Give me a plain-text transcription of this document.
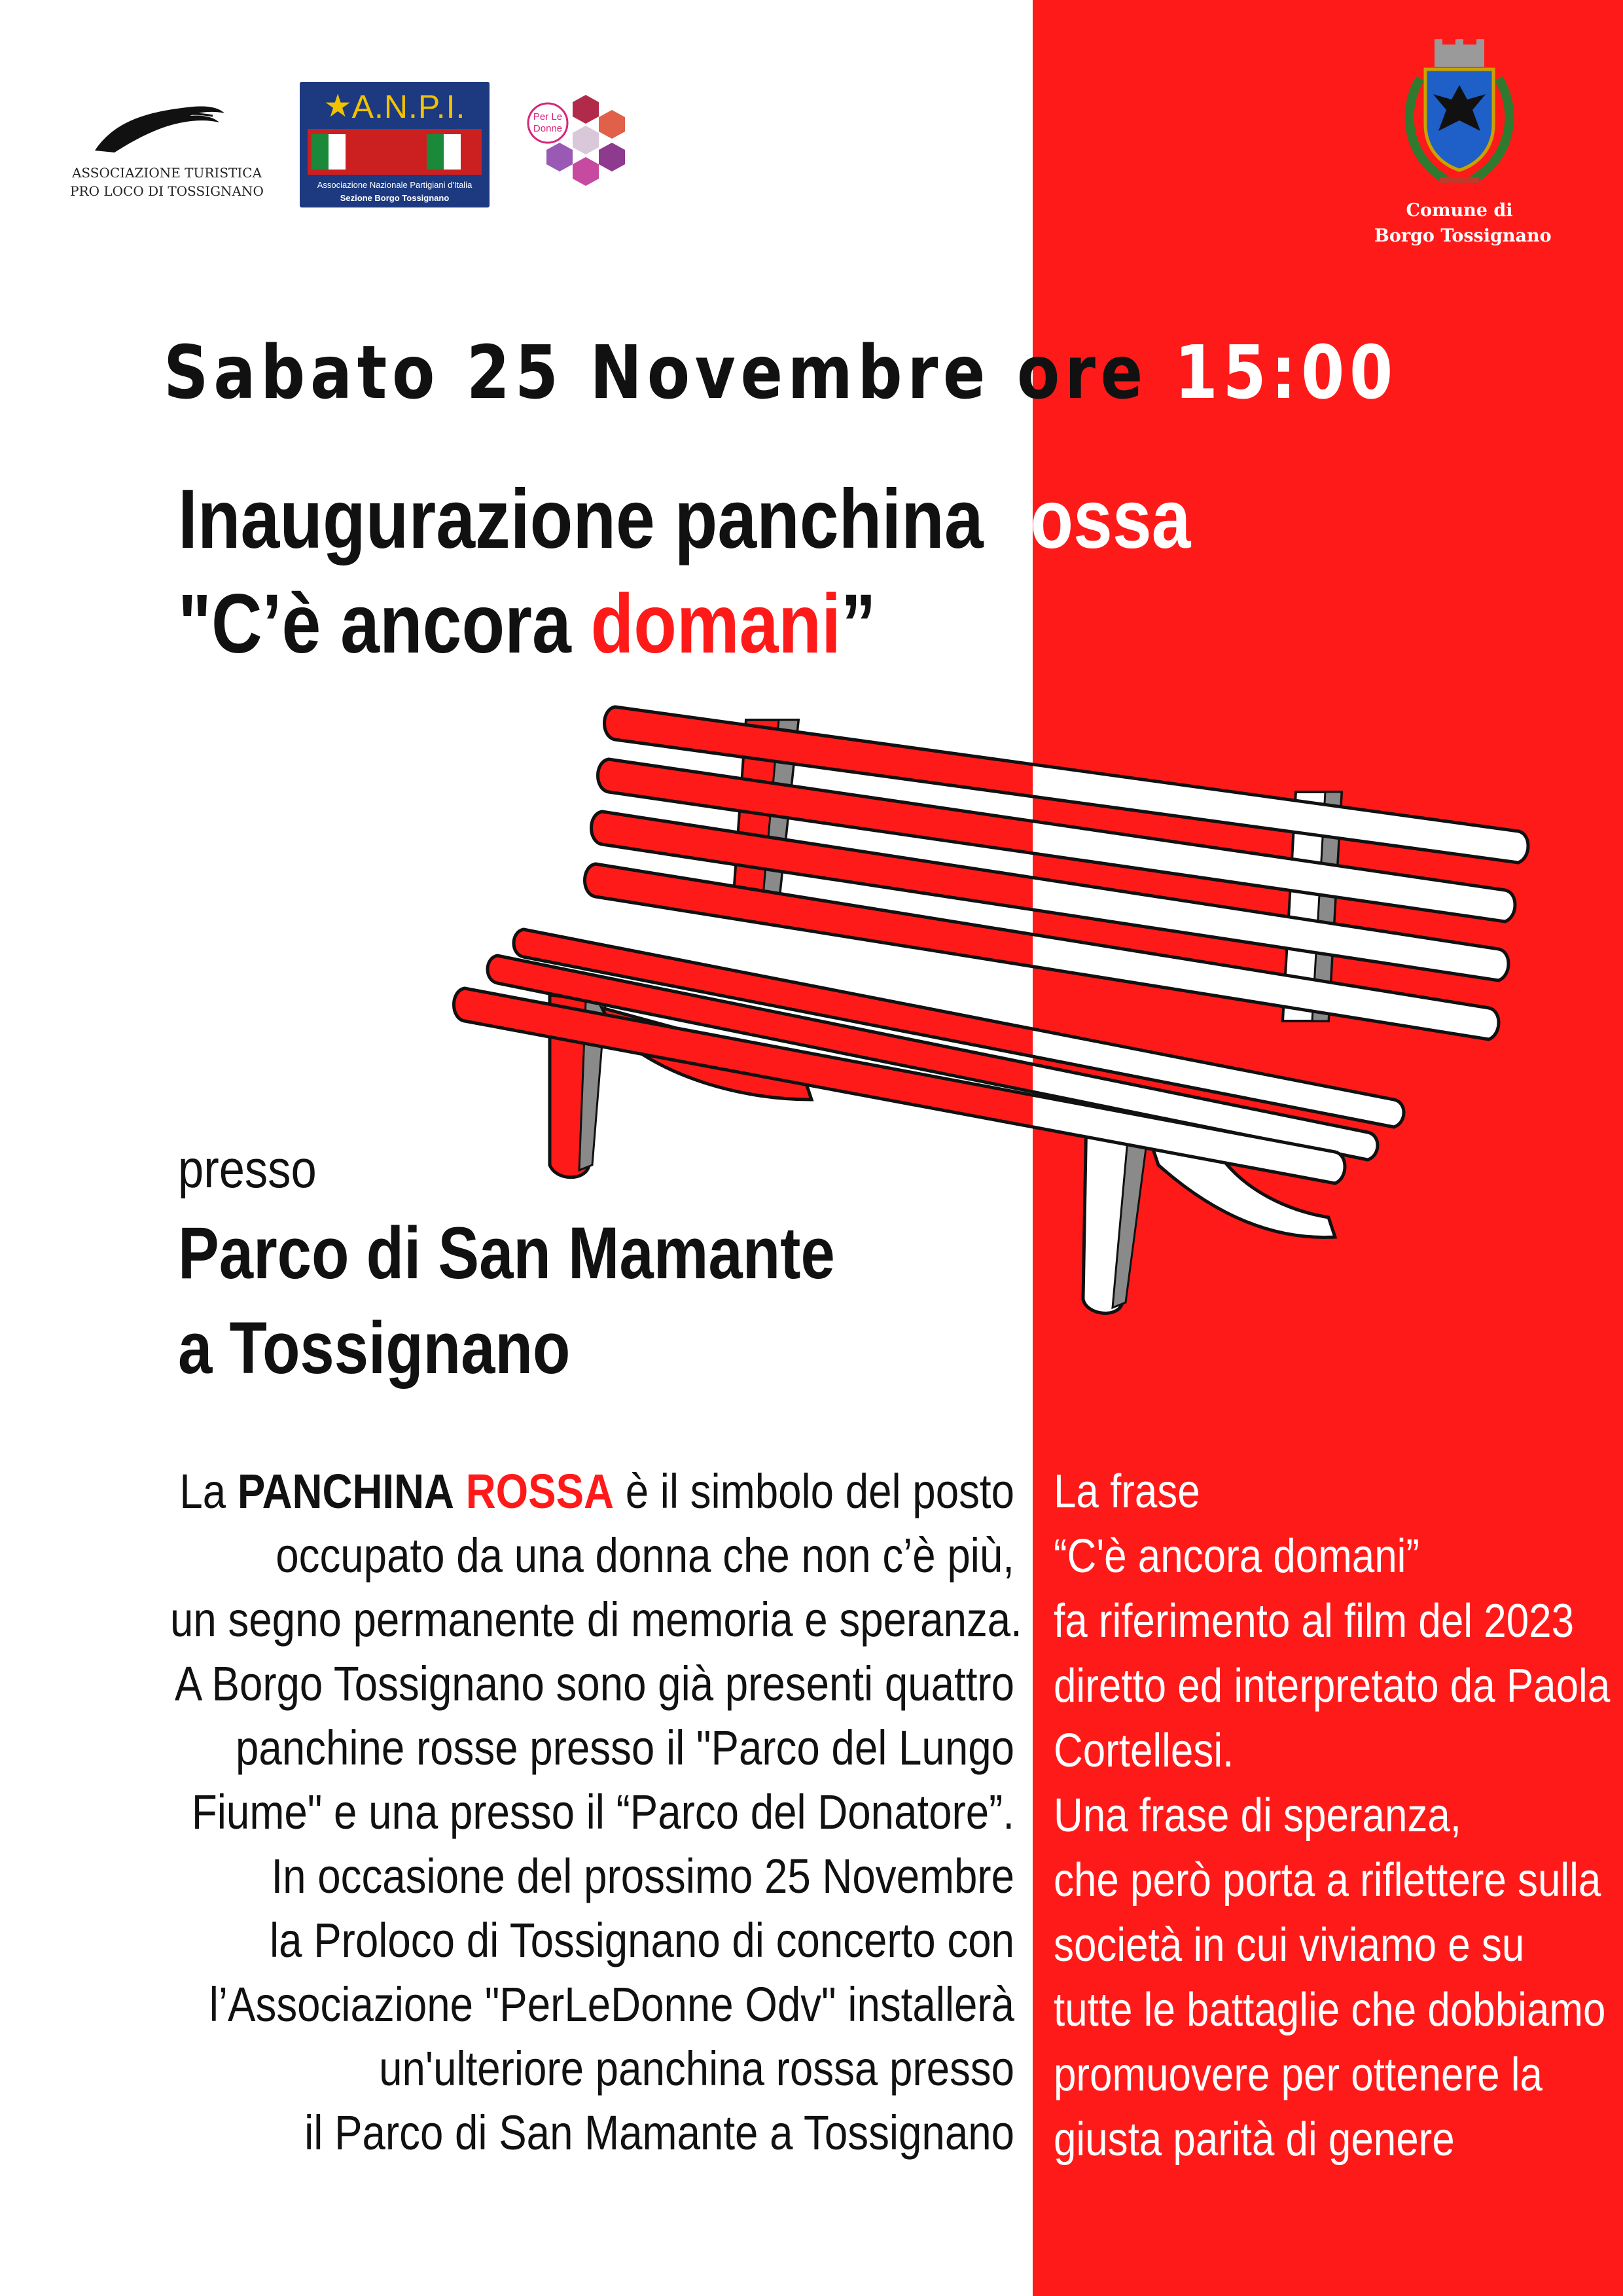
ASSOCIAZIONE TURISTICA
PRO LOCO DI TOSSIGNANO
★ A.N.P.I.
Associazione Nazionale Partigiani d'Italia
Sezione Borgo Tossignano
Per Le
Donne
Comune di
Borgo Tossignano
Sabato 25 Novembre ore 15:00
Inaugurazione panchina rossa
"C’è ancora domani”
presso
Parco di San Mamante
a Tossignano
La PANCHINA ROSSA è il simbolo del posto
occupato da una donna che non c’è più,
un segno permanente di memoria e speranza.
A Borgo Tossignano sono già presenti quattro
panchine rosse presso il "Parco del Lungo
Fiume" e una presso il “Parco del Donatore”.
In occasione del prossimo 25 Novembre
la Proloco di Tossignano di concerto con
l’Associazione "PerLeDonne Odv" installerà
un'ulteriore panchina rossa presso
il Parco di San Mamante a Tossignano
La frase
“C'è ancora domani”
fa riferimento al film del 2023
diretto ed interpretato da Paola
Cortellesi.
Una frase di speranza,
che però porta a riflettere sulla
società in cui viviamo e su
tutte le battaglie che dobbiamo
promuovere per ottenere la
giusta parità di genere
